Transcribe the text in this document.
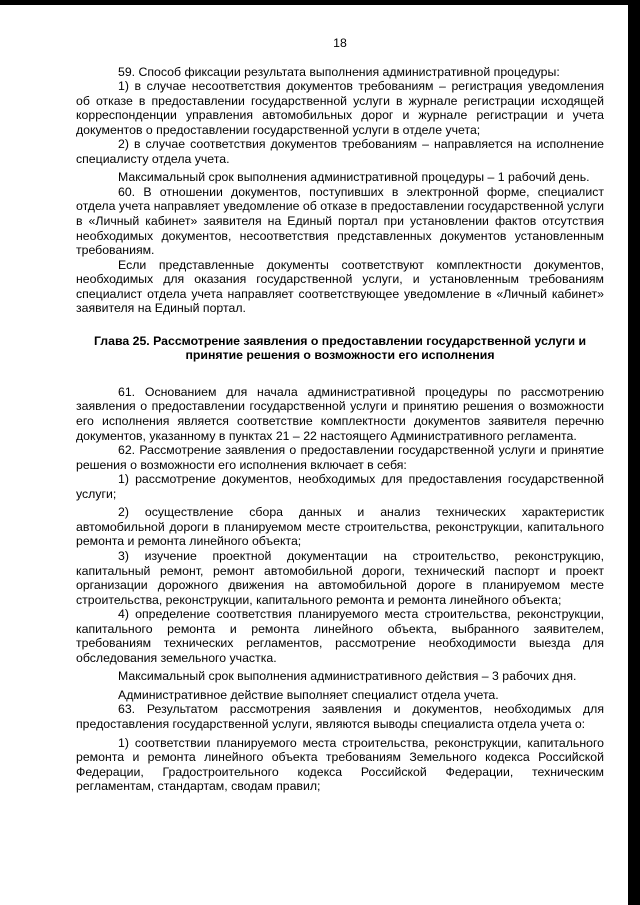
18

59. Способ фиксации результата выполнения административной процедуры:

1) в случае несоответствия документов требованиям – регистрация уведомления об отказе в предоставлении государственной услуги в журнале регистрации исходящей корреспонденции управления автомобильных дорог и журнале регистрации и учета документов о предоставлении государственной услуги в отделе учета;

2) в случае соответствия документов требованиям – направляется на исполнение специалисту отдела учета.

Максимальный срок выполнения административной процедуры – 1 рабочий день.

60. В отношении документов, поступивших в электронной форме, специалист отдела учета направляет уведомление об отказе в предоставлении государственной услуги в «Личный кабинет» заявителя на Единый портал при установлении фактов отсутствия необходимых документов, несоответствия представленных документов установленным требованиям.

Если представленные документы соответствуют комплектности документов, необходимых для оказания государственной услуги, и установленным требованиям специалист отдела учета направляет соответствующее уведомление в «Личный кабинет» заявителя на Единый портал.

Глава 25. Рассмотрение заявления о предоставлении государственной услуги и
принятие решения о возможности его исполнения

61. Основанием для начала административной процедуры по рассмотрению заявления о предоставлении государственной услуги и принятию решения о возможности его исполнения является соответствие комплектности документов заявителя перечню документов, указанному в пунктах 21 – 22 настоящего Административного регламента.

62. Рассмотрение заявления о предоставлении государственной услуги и принятие решения о возможности его исполнения включает в себя:

1) рассмотрение документов, необходимых для предоставления государственной услуги;

2) осуществление сбора данных и анализ технических характеристик автомобильной дороги в планируемом месте строительства, реконструкции, капитального ремонта и ремонта линейного объекта;

3) изучение проектной документации на строительство, реконструкцию, капитальный ремонт, ремонт автомобильной дороги, технический паспорт и проект организации дорожного движения на автомобильной дороге в планируемом месте строительства, реконструкции, капитального ремонта и ремонта линейного объекта;

4) определение соответствия планируемого места строительства, реконструкции, капитального ремонта и ремонта линейного объекта, выбранного заявителем, требованиям технических регламентов, рассмотрение необходимости выезда для обследования земельного участка.

Максимальный срок выполнения административного действия – 3 рабочих дня.

Административное действие выполняет специалист отдела учета.

63. Результатом рассмотрения заявления и документов, необходимых для предоставления государственной услуги, являются выводы специалиста отдела учета о:

1) соответствии планируемого места строительства, реконструкции, капитального ремонта и ремонта линейного объекта требованиям Земельного кодекса Российской Федерации, Градостроительного кодекса Российской Федерации, техническим регламентам, стандартам, сводам правил;
